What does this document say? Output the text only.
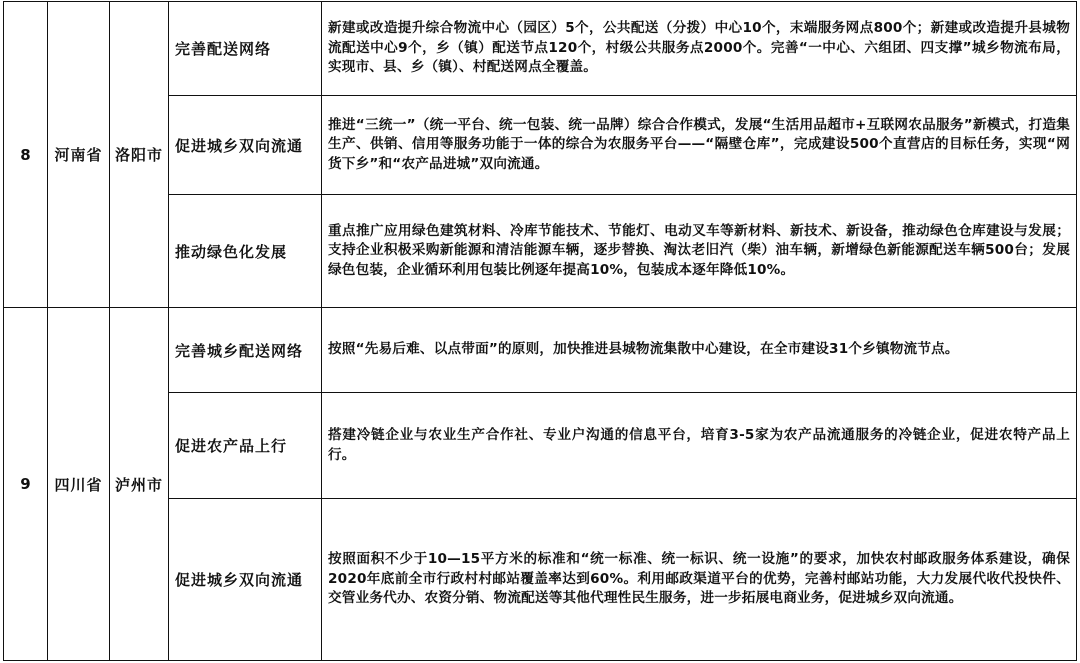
8	河南省	洛阳市	完善配送网络	新建或改造提升综合物流中心（园区）5个，公共配送（分拨）中心10个，末端服务网点800个；新建或改造提升县城物流配送中心9个，乡（镇）配送节点120个，村级公共服务点2000个。完善“一中心、六组团、四支撑”城乡物流布局，实现市、县、乡（镇）、村配送网点全覆盖。
			促进城乡双向流通	推进“三统一”（统一平台、统一包装、统一品牌）综合合作模式，发展“生活用品超市+互联网农品服务”新模式，打造集生产、供销、信用等服务功能于一体的综合为农服务平台——“隔壁仓库”，完成建设500个直营店的目标任务，实现“网货下乡”和“农产品进城”双向流通。
			推动绿色化发展	重点推广应用绿色建筑材料、冷库节能技术、节能灯、电动叉车等新材料、新技术、新设备，推动绿色仓库建设与发展；支持企业积极采购新能源和清洁能源车辆，逐步替换、淘汰老旧汽（柴）油车辆，新增绿色新能源配送车辆500台；发展绿色包装，企业循环利用包装比例逐年提高10%，包装成本逐年降低10%。
9	四川省	泸州市	完善城乡配送网络	按照“先易后难、以点带面”的原则，加快推进县城物流集散中心建设，在全市建设31个乡镇物流节点。
			促进农产品上行	搭建冷链企业与农业生产合作社、专业户沟通的信息平台，培育3-5家为农产品流通服务的冷链企业，促进农特产品上行。
			促进城乡双向流通	按照面积不少于10—15平方米的标准和“统一标准、统一标识、统一设施”的要求，加快农村邮政服务体系建设，确保2020年底前全市行政村村邮站覆盖率达到60%。利用邮政渠道平台的优势，完善村邮站功能，大力发展代收代投快件、交管业务代办、农资分销、物流配送等其他代理性民生服务，进一步拓展电商业务，促进城乡双向流通。
